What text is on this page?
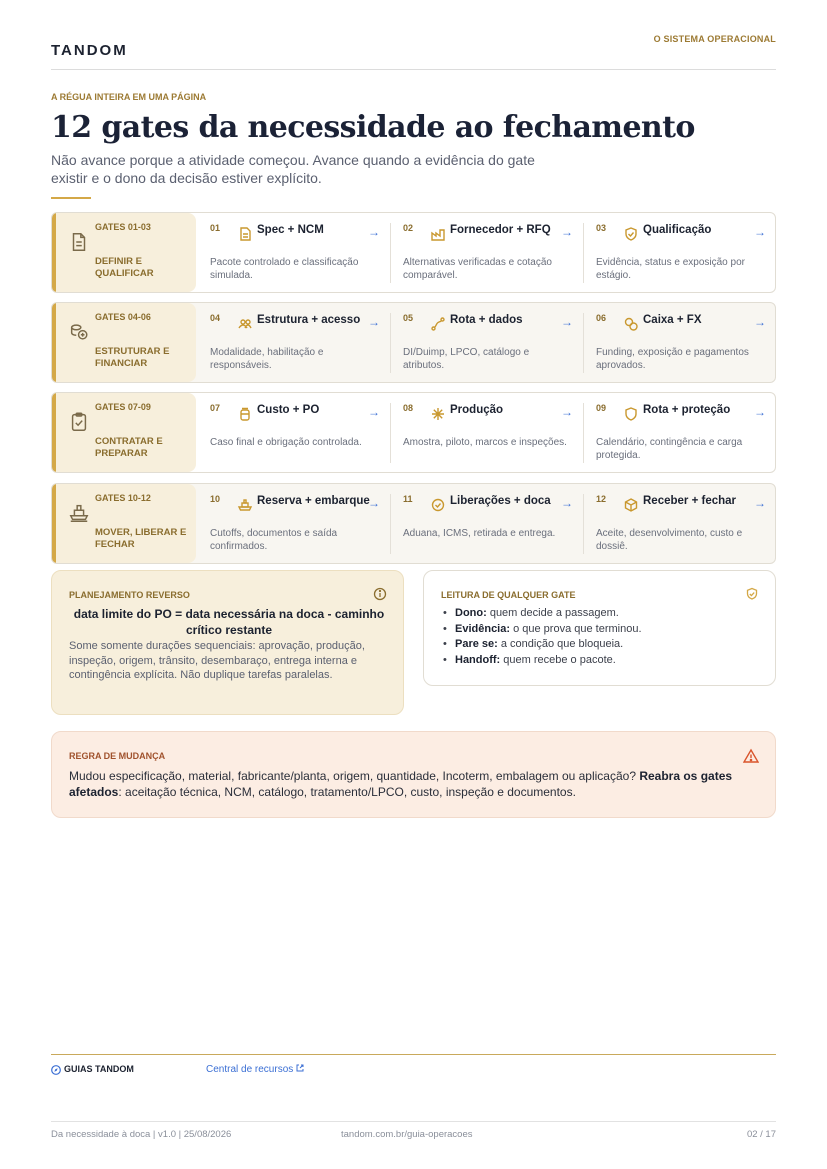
TANDOM
O SISTEMA OPERACIONAL
A RÉGUA INTEIRA EM UMA PÁGINA
12 gates da necessidade ao fechamento

Não avance porque a atividade começou. Avance quando a evidência do gate existir e o dono da decisão estiver explícito.

GATES 01-03
DEFINIR E QUALIFICAR
01	Spec + NCM	→

Pacote controlado e classificação simulada.

02	Fornecedor + RFQ →

Alternativas verificadas e cotação comparável.

03	Qualificação	→

Evidência, status e exposição por estágio.

GATES 04-06
ESTRUTURAR E FINANCIAR
04	Estrutura + acesso →

Modalidade, habilitação e responsáveis.

05	Rota + dados	→

DI/Duimp, LPCO, catálogo e atributos.

06	Caixa + FX	→

Funding, exposição e pagamentos aprovados.

GATES 07-09
CONTRATAR E PREPARAR
07	Custo + PO	→

Caso final e obrigação controlada.

08	Produção	→

Amostra, piloto, marcos e inspeções.

09	Rota + proteção →

Calendário, contingência e carga protegida.

GATES 10-12
MOVER, LIBERAR E FECHAR
10	Reserva + embarque
→

Cutoffs, documentos e saída confirmados.

11	Liberações + doca →

Aduana, ICMS, retirada e entrega.

12	Receber + fechar →

Aceite, desenvolvimento, custo e dossiê.

PLANEJAMENTO REVERSO
data limite do PO = data necessária na doca - caminho crítico restante

Some somente durações sequenciais: aprovação, produção, inspeção, origem, trânsito, desembaraço, entrega interna e contingência explícita. Não duplique tarefas paralelas.

LEITURA DE QUALQUER GATE
• Dono: quem decide a passagem.
• Evidência: o que prova que terminou.
• Pare se: a condição que bloqueia.
• Handoff: quem recebe o pacote.
REGRA DE MUDANÇA

Mudou especificação, material, fabricante/planta, origem, quantidade, Incoterm, embalagem ou aplicação? Reabra os gates afetados: aceitação técnica, NCM, catálogo, tratamento/LPCO, custo, inspeção e documentos.

GUIAS TANDOM	Central de recursos
Da necessidade à doca | v1.0 | 25/08/2026	tandom.com.br/guia-operacoes	02 / 17
